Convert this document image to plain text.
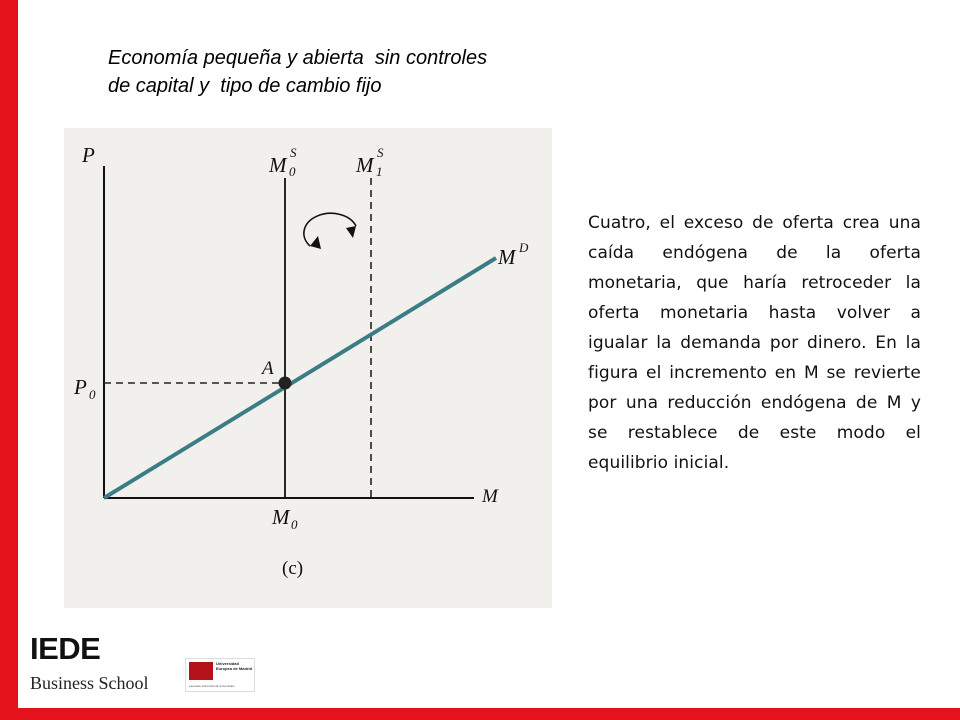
Economía pequeña y abierta  sin controles
de capital y  tipo de cambio fijo
P
M
M
S
0	M
S
1
M D
A
P 0
M 0
(c)
Cuatro, el exceso de oferta crea una caída endógena de la oferta monetaria, que haría retroceder la oferta monetaria hasta volver a igualar la demanda por dinero. En la figura el incremento en M se revierte por una reducción endógena de M y se restablece de este modo el equilibrio inicial.
IEDE
Business School
Universidad Europea de Madrid
Laureate International Universities
